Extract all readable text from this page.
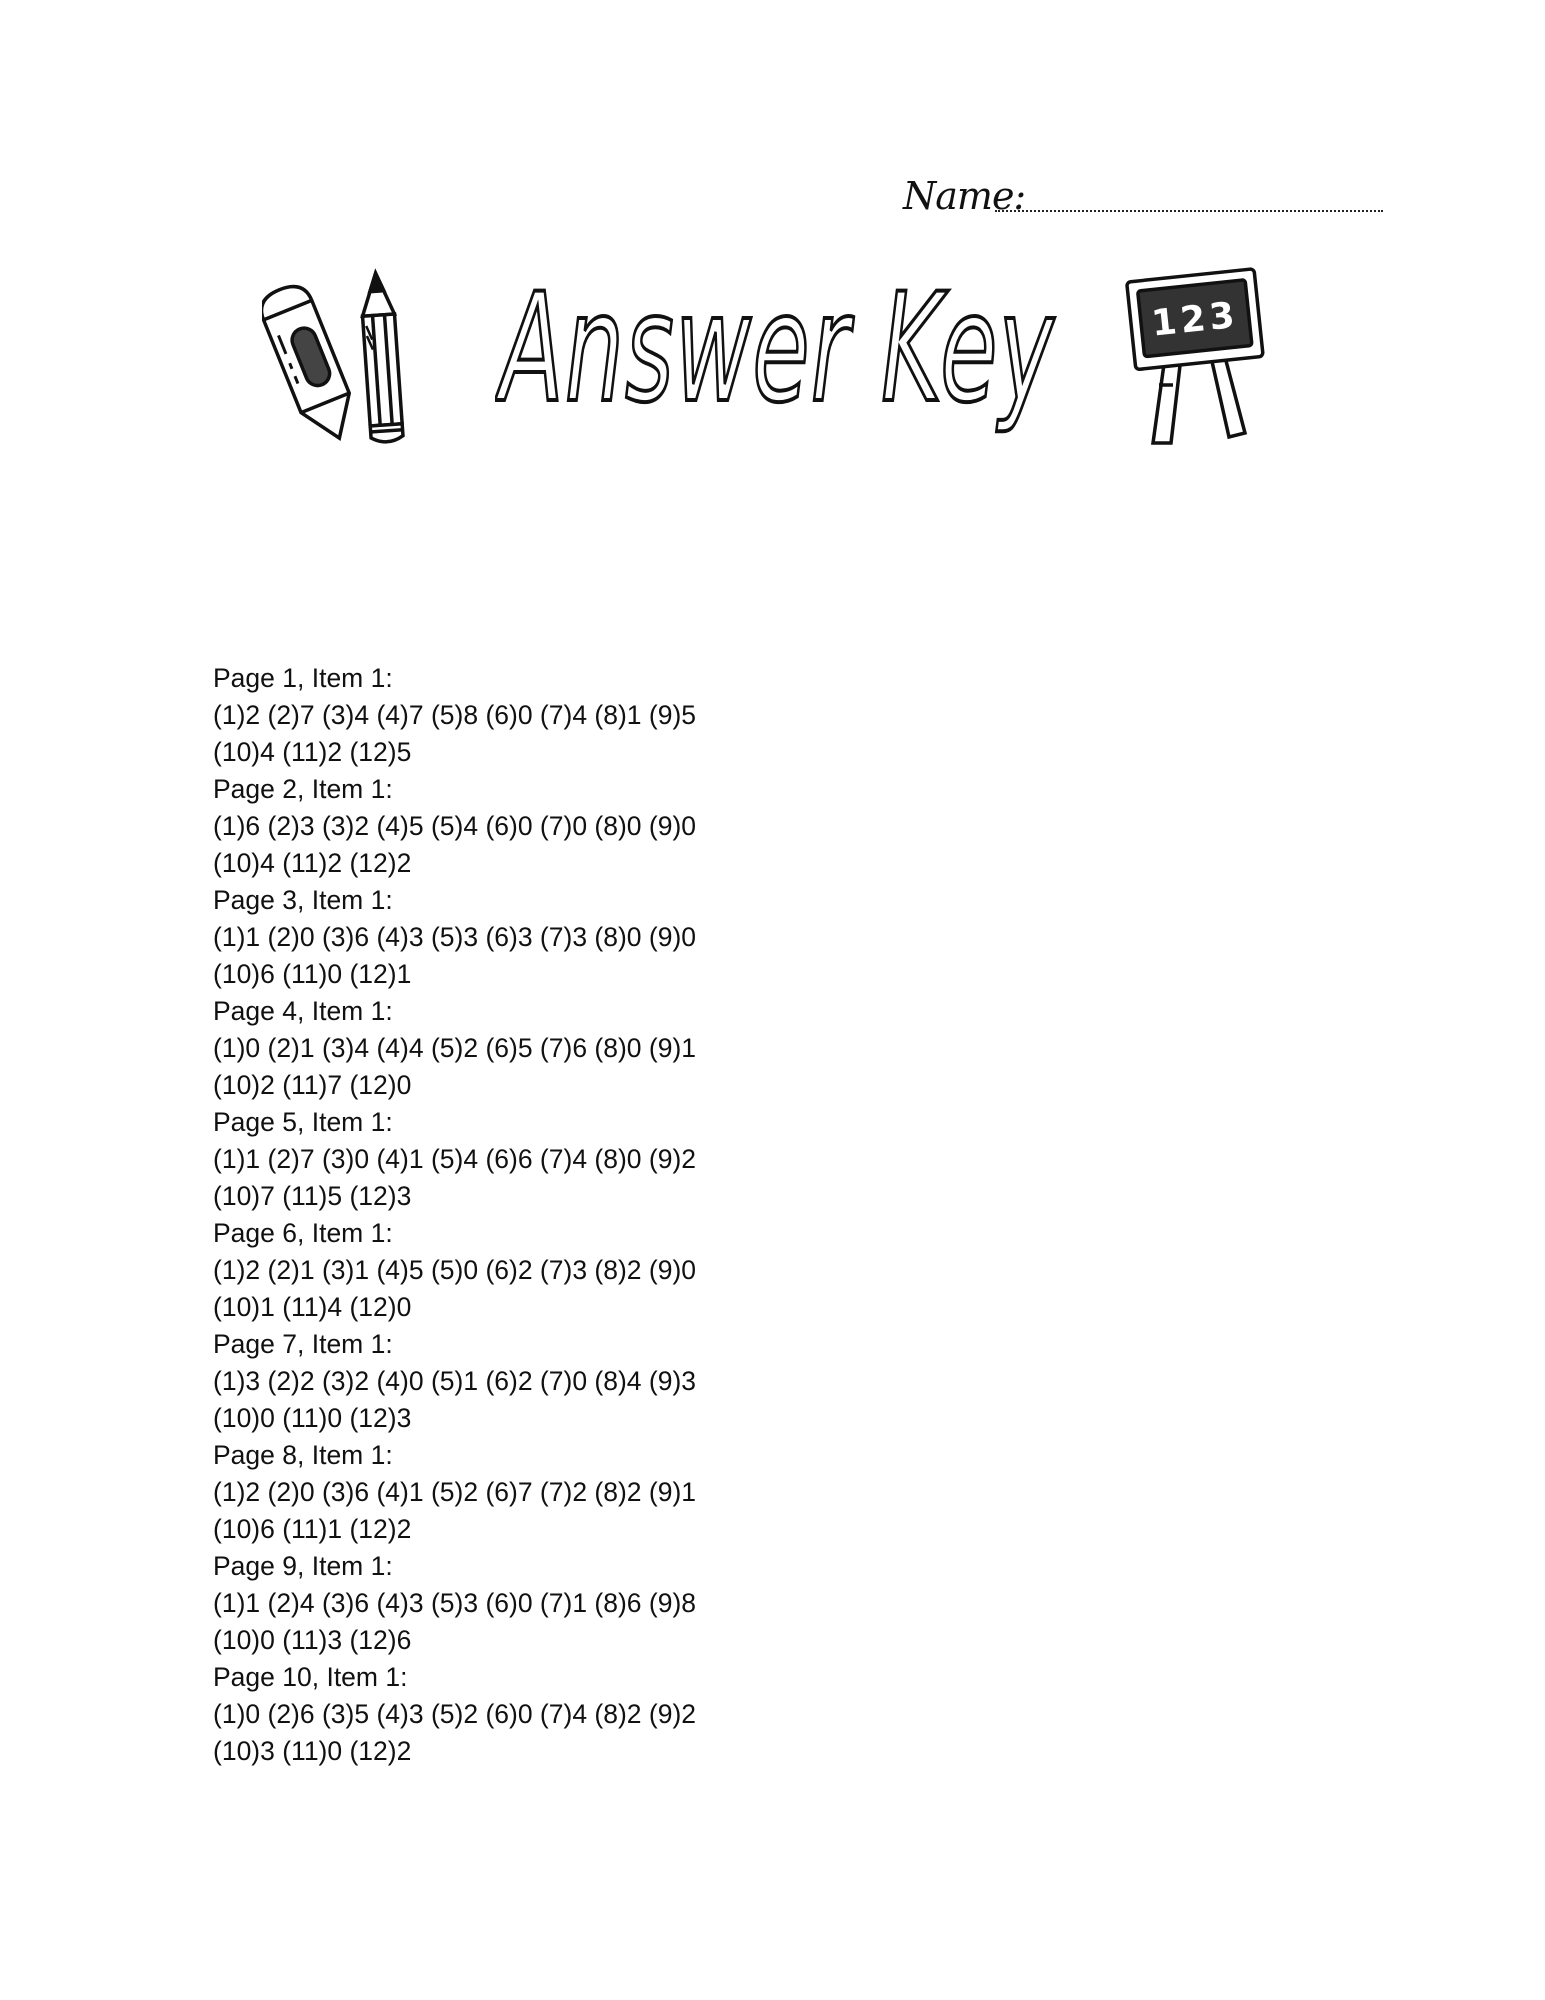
Name:
Answer Key	123
Page 1, Item 1:
(1)2 (2)7 (3)4 (4)7 (5)8 (6)0 (7)4 (8)1 (9)5
(10)4 (11)2 (12)5
Page 2, Item 1:
(1)6 (2)3 (3)2 (4)5 (5)4 (6)0 (7)0 (8)0 (9)0
(10)4 (11)2 (12)2
Page 3, Item 1:
(1)1 (2)0 (3)6 (4)3 (5)3 (6)3 (7)3 (8)0 (9)0
(10)6 (11)0 (12)1
Page 4, Item 1:
(1)0 (2)1 (3)4 (4)4 (5)2 (6)5 (7)6 (8)0 (9)1
(10)2 (11)7 (12)0
Page 5, Item 1:
(1)1 (2)7 (3)0 (4)1 (5)4 (6)6 (7)4 (8)0 (9)2
(10)7 (11)5 (12)3
Page 6, Item 1:
(1)2 (2)1 (3)1 (4)5 (5)0 (6)2 (7)3 (8)2 (9)0
(10)1 (11)4 (12)0
Page 7, Item 1:
(1)3 (2)2 (3)2 (4)0 (5)1 (6)2 (7)0 (8)4 (9)3
(10)0 (11)0 (12)3
Page 8, Item 1:
(1)2 (2)0 (3)6 (4)1 (5)2 (6)7 (7)2 (8)2 (9)1
(10)6 (11)1 (12)2
Page 9, Item 1:
(1)1 (2)4 (3)6 (4)3 (5)3 (6)0 (7)1 (8)6 (9)8
(10)0 (11)3 (12)6
Page 10, Item 1:
(1)0 (2)6 (3)5 (4)3 (5)2 (6)0 (7)4 (8)2 (9)2
(10)3 (11)0 (12)2
